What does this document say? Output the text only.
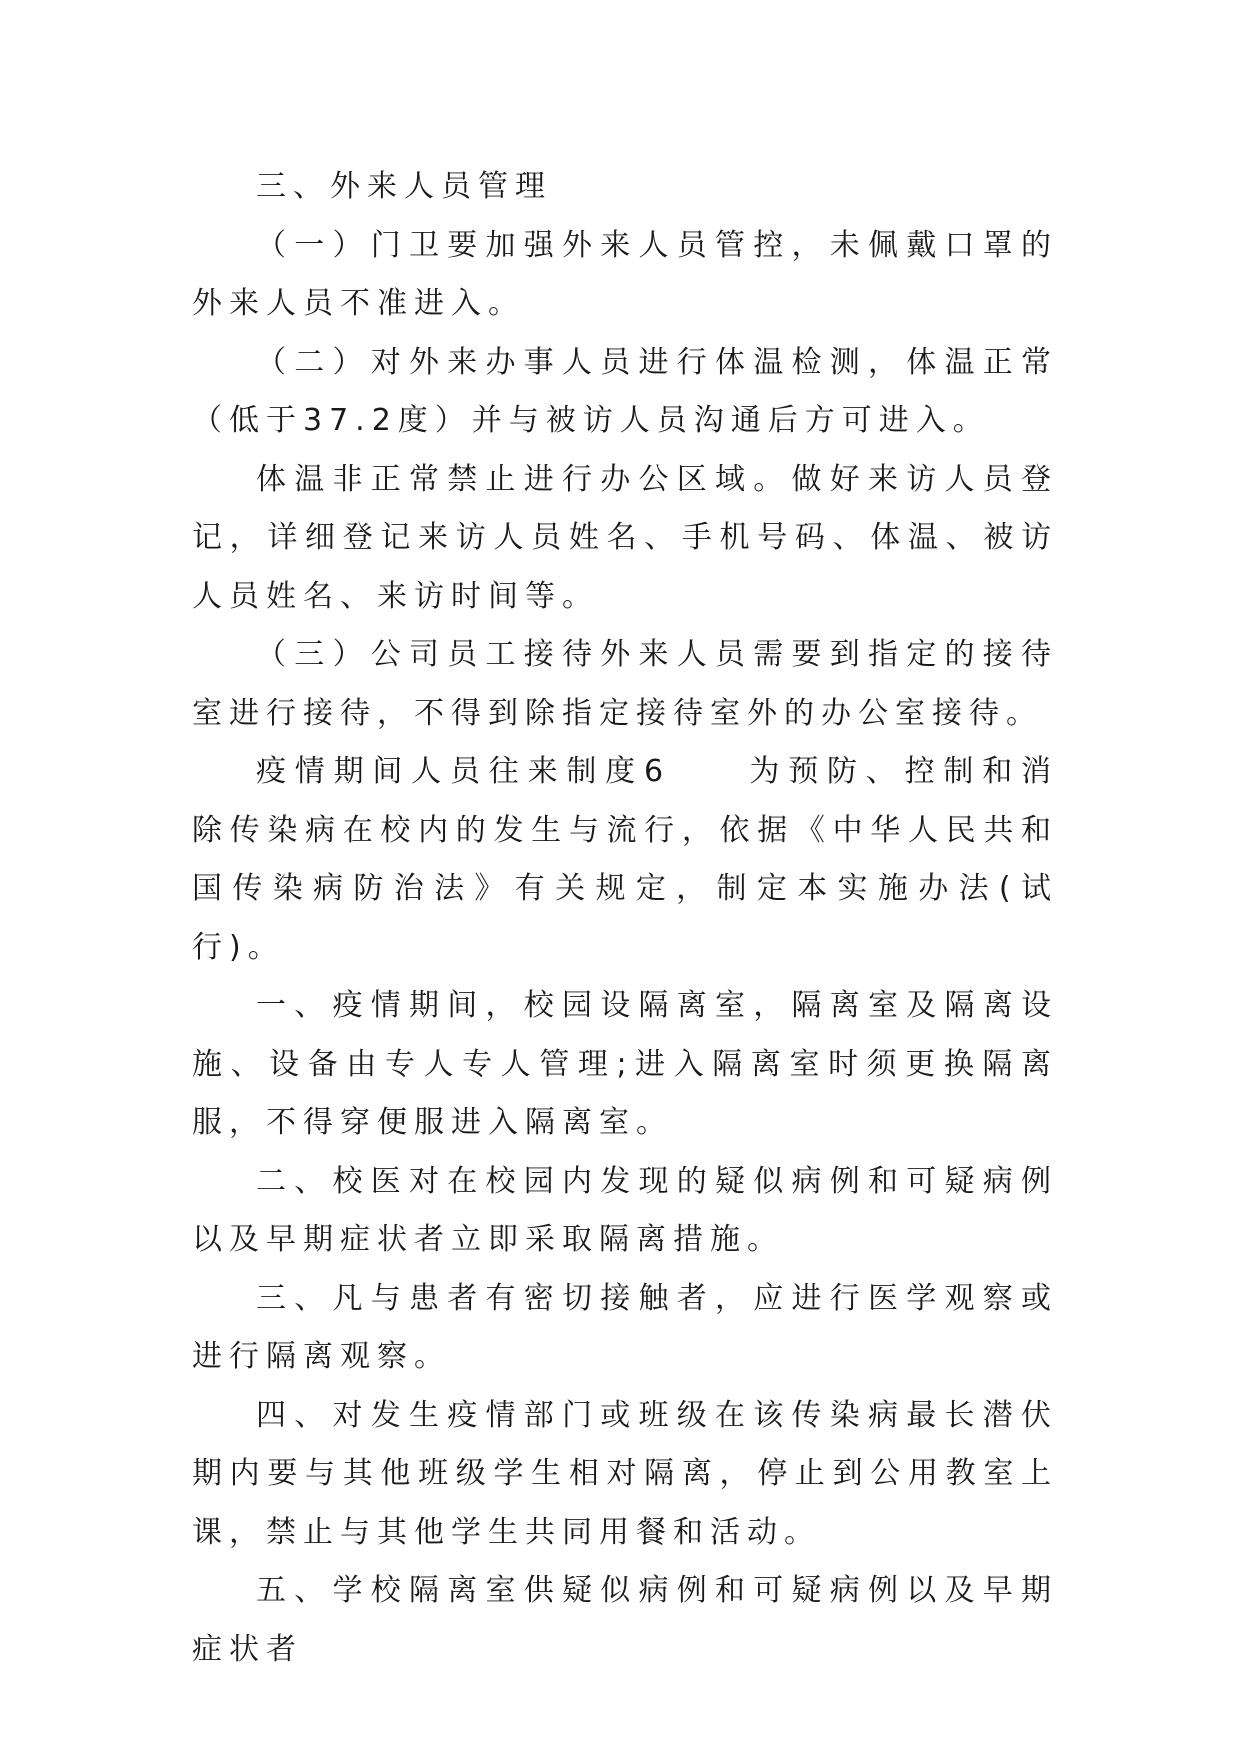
三、外来人员管理

（一）门卫要加强外来人员管控，未佩戴口罩的外来人员不准进入。

（二）对外来办事人员进行体温检测，体温正常（低于37.2度）并与被访人员沟通后方可进入。

体温非正常禁止进行办公区域。做好来访人员登记，详细登记来访人员姓名、手机号码、体温、被访人员姓名、来访时间等。

（三）公司员工接待外来人员需要到指定的接待室进行接待，不得到除指定接待室外的办公室接待。

疫情期间人员往来制度6　　为预防、控制和消除传染病在校内的发生与流行，依据《中华人民共和国传染病防治法》有关规定，制定本实施办法(试行)。

一、疫情期间，校园设隔离室，隔离室及隔离设施、设备由专人专人管理;进入隔离室时须更换隔离服，不得穿便服进入隔离室。

二、校医对在校园内发现的疑似病例和可疑病例以及早期症状者立即采取隔离措施。

三、凡与患者有密切接触者，应进行医学观察或进行隔离观察。

四、对发生疫情部门或班级在该传染病最长潜伏期内要与其他班级学生相对隔离，停止到公用教室上课，禁止与其他学生共同用餐和活动。

五、学校隔离室供疑似病例和可疑病例以及早期症状者
